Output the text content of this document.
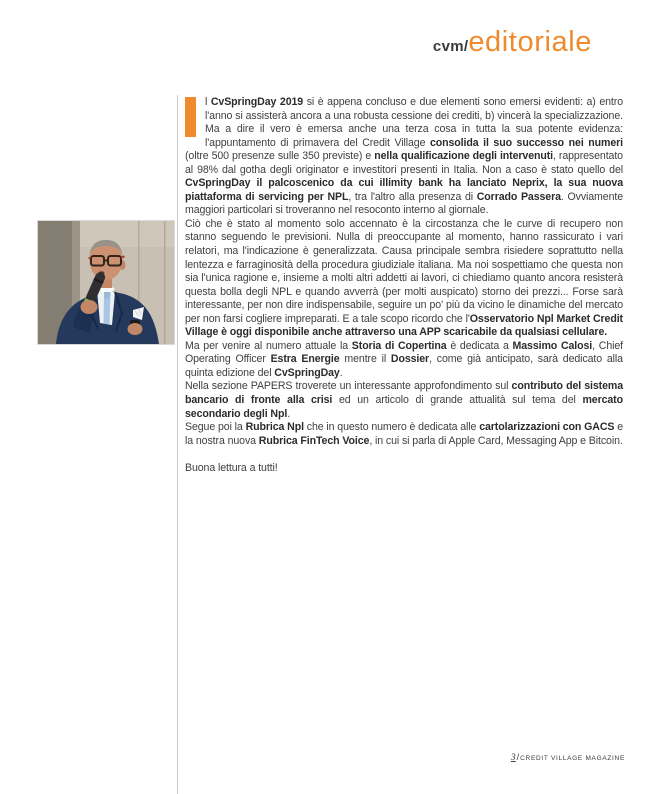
cvm/ editoriale

l CvSpringDay 2019 si è appena concluso e due elementi sono emersi evidenti: a) entro l'anno si assisterà ancora a una robusta cessione dei crediti, b) vincerà la specializzazione. Ma a dire il vero è emersa anche una terza cosa in tutta la sua potente evidenza: l'appuntamento di primavera del Credit Village consolida il suo successo nei numeri (oltre 500 presenze sulle 350 previste) e nella qualificazione degli intervenuti, rappresentato al 98% dal gotha degli originator e investitori presenti in Italia. Non a caso è stato quello del CvSpringDay il palcoscenico da cui illimity bank ha lanciato Neprix, la sua nuova piattaforma di servicing per NPL, tra l'altro alla presenza di Corrado Passera. Ovviamente maggiori particolari si troveranno nel resoconto interno al giornale.

Ciò che è stato al momento solo accennato è la circostanza che le curve di recupero non stanno seguendo le previsioni. Nulla di preoccupante al momento, hanno rassicurato i vari relatori, ma l'indicazione è generalizzata. Causa principale sembra risiedere soprattutto nella lentezza e farraginosità della procedura giudiziale italiana. Ma noi sospettiamo che questa non sia l'unica ragione e, insieme a molti altri addetti ai lavori, ci chiediamo quanto ancora resisterà questa bolla degli NPL e quando avverrà (per molti auspicato) storno dei prezzi... Forse sarà interessante, per non dire indispensabile, seguire un po' più da vicino le dinamiche del mercato per non farsi cogliere impreparati. E a tale scopo ricordo che l'Osservatorio Npl Market Credit Village è oggi disponibile anche attraverso una APP scaricabile da qualsiasi cellulare.

Ma per venire al numero attuale la Storia di Copertina è dedicata a Massimo Calosi, Chief Operating Officer Estra Energie mentre il Dossier, come già anticipato, sarà dedicato alla quinta edizione del CvSpringDay.

Nella sezione PAPERS troverete un interessante approfondimento sul contributo del sistema bancario di fronte alla crisi ed un articolo di grande attualità sul tema del mercato secondario degli Npl.

Segue poi la Rubrica Npl che in questo numero è dedicata alle cartolarizzazioni con GACS e la nostra nuova Rubrica FinTech Voice, in cui si parla di Apple Card, Messaging App e Bitcoin.

Buona lettura a tutti!

3 / CREDIT VILLAGE MAGAZINE
